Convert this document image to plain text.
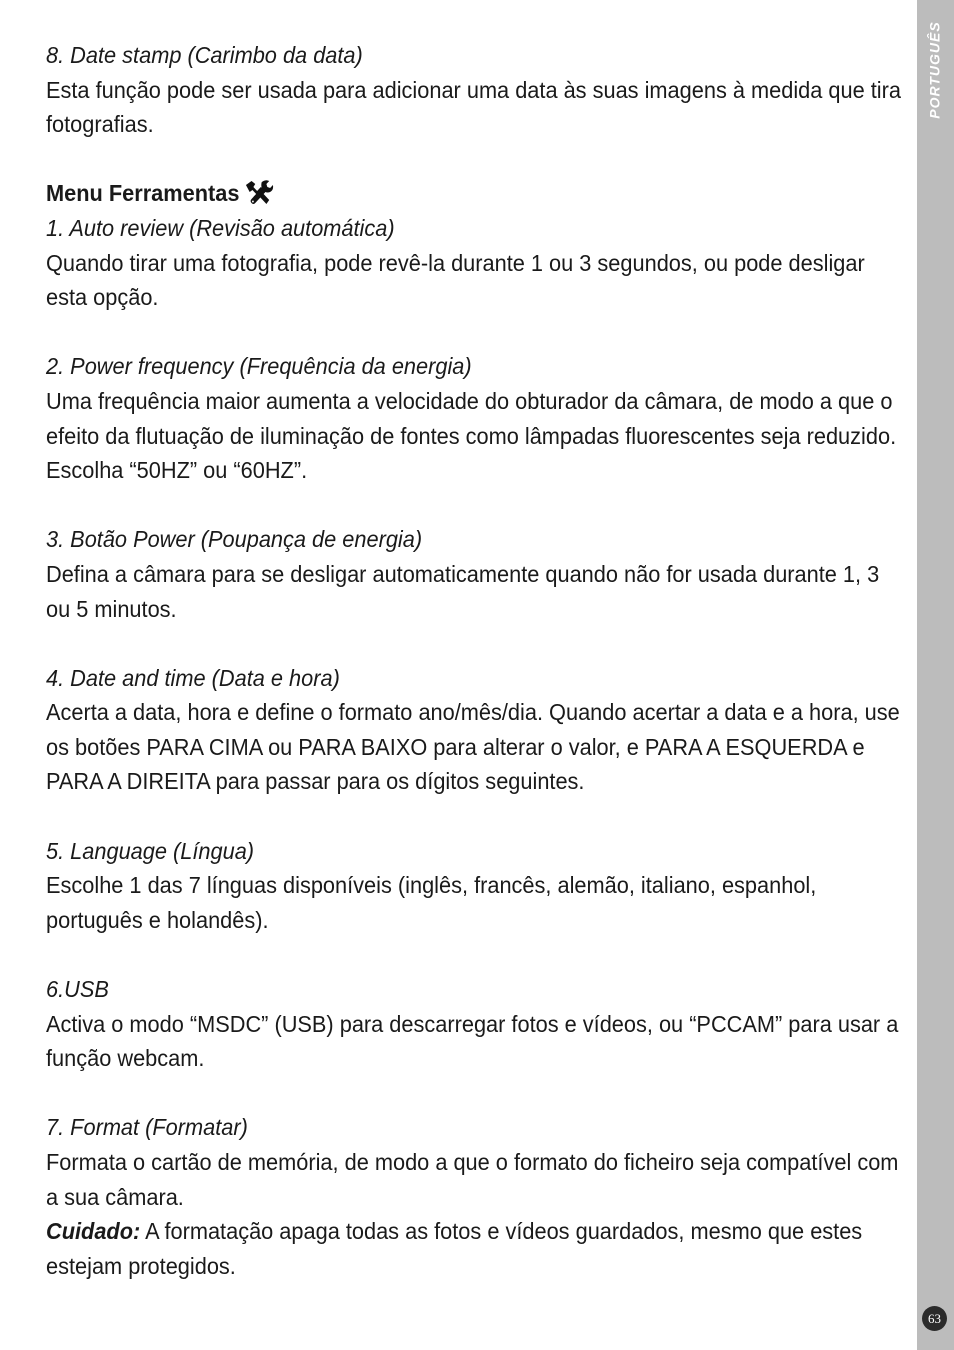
PORTUGUÊS
63

8. Date stamp (Carimbo da data)

Esta função pode ser usada para adicionar uma data às suas imagens à medida que tira fotografias.

Menu Ferramentas

1. Auto review (Revisão automática)

Quando tirar uma fotografia, pode revê-la durante 1 ou 3 segundos, ou pode desligar esta opção.

2. Power frequency (Frequência da energia)

Uma frequência maior aumenta a velocidade do obturador da câmara, de modo a que o efeito da flutuação de iluminação de fontes como lâmpadas fluorescentes seja reduzido. Escolha “50HZ” ou “60HZ”.

3. Botão Power (Poupança de energia)

Defina a câmara para se desligar automaticamente quando não for usada durante 1, 3 ou 5 minutos.

4. Date and time (Data e hora)

Acerta a data, hora e define o formato ano/mês/dia. Quando acertar a data e a hora, use os botões PARA CIMA ou PARA BAIXO para alterar o valor, e PARA A ESQUERDA e PARA A DIREITA para passar para os dígitos seguintes.

5. Language (Língua)

Escolhe 1 das 7 línguas disponíveis (inglês, francês, alemão, italiano, espanhol, português e holandês).

6.USB

Activa o modo “MSDC” (USB) para descarregar fotos e vídeos, ou “PCCAM” para usar a função webcam.

7. Format (Formatar)

Formata o cartão de memória, de modo a que o formato do ficheiro seja compatível com a sua câmara.

Cuidado: A formatação apaga todas as fotos e vídeos guardados, mesmo que estes estejam protegidos.
